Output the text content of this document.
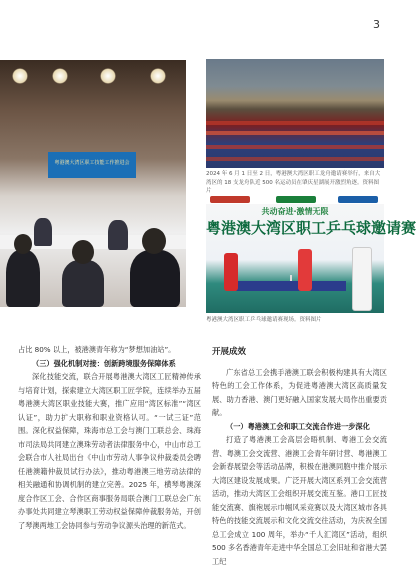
3
粤港澳大湾区职工技能工作推进会
2024 年 6 月 1 日至 2 日，粤港澳大湾区职工龙舟邀请赛举行，来自大湾区的 18 支龙舟队近 500 名运动员在肇庆星湖展开激烈角逐。资料图片
共动奋进·激情无限
粤港澳大湾区职工乒乓球邀请赛
粤港澳大湾区职工乒乓球邀请赛现场。资料图片

占比 80% 以上，被港澳青年称为“梦想加油站”。

（三）强化机制对接：创新跨境服务保障体系

深化技能交流，联合开展粤港澳大湾区工匠精神传承与培育计划，探索建立大湾区职工匠学院，连续举办五届粤港澳大湾区职业技能大赛，推广应用“湾区标准”“湾区认证”，助力扩大职称和职业资格认可。“一试三证”范围。深化权益保障，珠海市总工会与澳门工联总会、珠海市司法局共同建立澳珠劳动者法律服务中心，中山市总工会联合市人社局出台《中山市劳动人事争议仲裁委员会聘任港澳籍仲裁员试行办法》，推动粤港澳三地劳动法律的相关融通和协调机制的建立完善。2025 年，横琴粤澳深度合作区工会、合作区商事服务局联合澳门工联总会广东办事处共同建立琴澳职工劳动权益保障仲裁服务站，开创了琴澳两地工会协同参与劳动争议源头治理的新范式。

开展成效

广东省总工会携手港澳工联会积极构建具有大湾区特色的工会工作体系，为促进粤港澳大湾区高质量发展、助力香港、澳门更好融入国家发展大局作出重要贡献。

（一）粤港澳工会和职工交流合作进一步深化

打造了粤港澳工会高层会晤机制、粤港工会交流营、粤澳工会交流营、港澳工会青年研讨营、粤港澳工会新春展望会等活动品牌，积极在港澳同胞中推介展示大湾区建设发展成果。广泛开展大湾区系列工会交流营活动，推动大湾区工会组织开展交流互鉴。港口工匠技能交流赛、旗袍展示巾帼风采竞赛以及大湾区城市各具特色的技能交流展示和文化交流交往活动，为庆祝全国总工会成立 100 周年，举办“千人汇湾区”活动，组织 500 多名香港青年走进中华全国总工会旧址和省港大罢工纪
